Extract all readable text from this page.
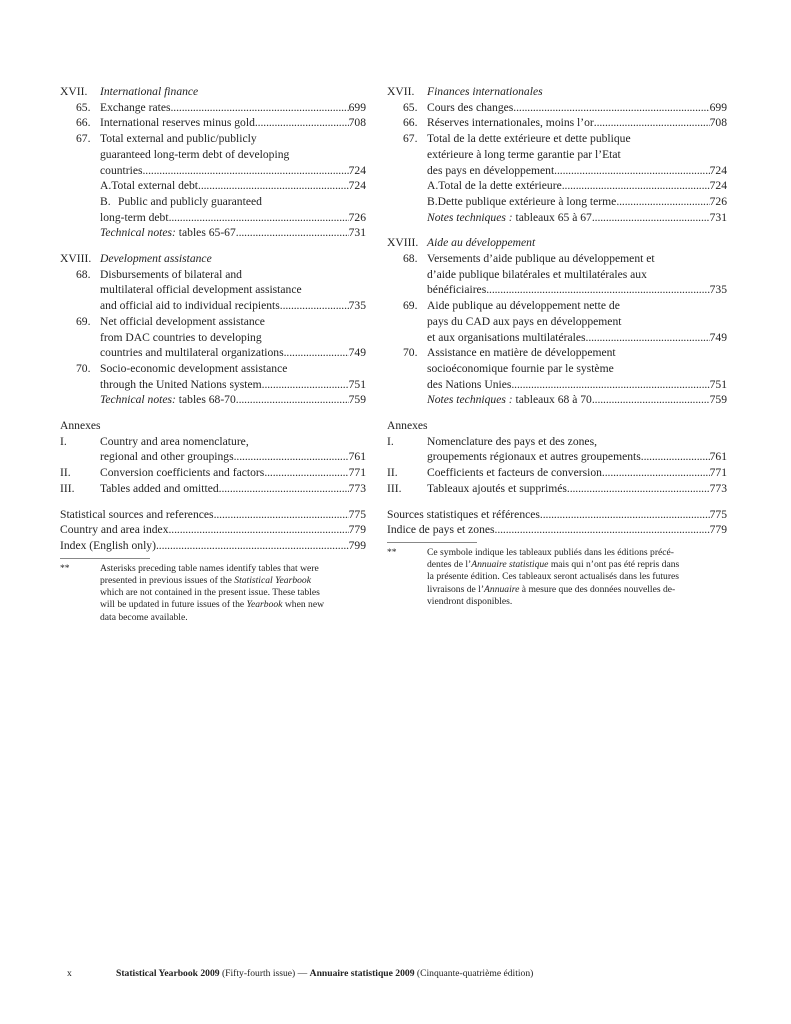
XVII. International finance
65. Exchange rates . . .	699
66. International reserves minus gold . . .	708
67. Total external and public/publicly
guaranteed long-term debt of developing
countries . . .	724
A. Total external debt . . .	724
B. Public and publicly guaranteed
long-term debt . . .	726
Technical notes: tables 65-67 . . .	731
XVIII. Development assistance
68. Disbursements of bilateral and
multilateral official development assistance
and official aid to individual recipients . . .	735
69. Net official development assistance
from DAC countries to developing
countries and multilateral organizations . . .	749
70. Socio-economic development assistance
through the United Nations system . . .	751
Technical notes: tables 68-70 . . .	759
Annexes
I.	Country and area nomenclature,
regional and other groupings . . .	761
II.	Conversion coefficients and factors . . .	771
III. Tables added and omitted . . .	773
Statistical sources and references . . .	775
Country and area index . . .	779
Index (English only) . . .	799
**	Asterisks preceding table names identify tables that were
presented in previous issues of the Statistical Yearbook
which are not contained in the present issue. These tables
will be updated in future issues of the Yearbook when new
data become available.
XVII. Finances internationales
65. Cours des changes . . .	699
66. Réserves internationales, moins l’or . . .	708
67. Total de la dette extérieure et dette publique
extérieure à long terme garantie par l’Etat
des pays en développement . . .	724
A. Total de la dette extérieure . . .	724
B. Dette publique extérieure à long terme . . .	726
Notes techniques : tableaux 65 à 67 . . .	731
XVIII. Aide au développement
68. Versements d’aide publique au développement et
d’aide publique bilatérales et multilatérales aux
bénéficiaires . . .	735
69. Aide publique au développement nette de
pays du CAD aux pays en développement
et aux organisations multilatérales . . .	749
70. Assistance en matière de développement
socioéconomique fournie par le système
des Nations Unies . . .	751
Notes techniques : tableaux 68 à 70 . . .	759
Annexes
I.	Nomenclature des pays et des zones,
groupements régionaux et autres groupements . . .	761
II.	Coefficients et facteurs de conversion . . .	771
III. Tableaux ajoutés et supprimés . . .	773
Sources statistiques et références . . .	775
Indice de pays et zones . . .	779
**	Ce symbole indique les tableaux publiés dans les éditions précé-
dentes de l’Annuaire statistique mais qui n’ont pas été repris dans
la présente édition. Ces tableaux seront actualisés dans les futures
livraisons de l’Annuaire à mesure que des données nouvelles de-
viendront disponibles.
x	Statistical Yearbook 2009 (Fifty-fourth issue) — Annuaire statistique 2009 (Cinquante-quatrième édition)
